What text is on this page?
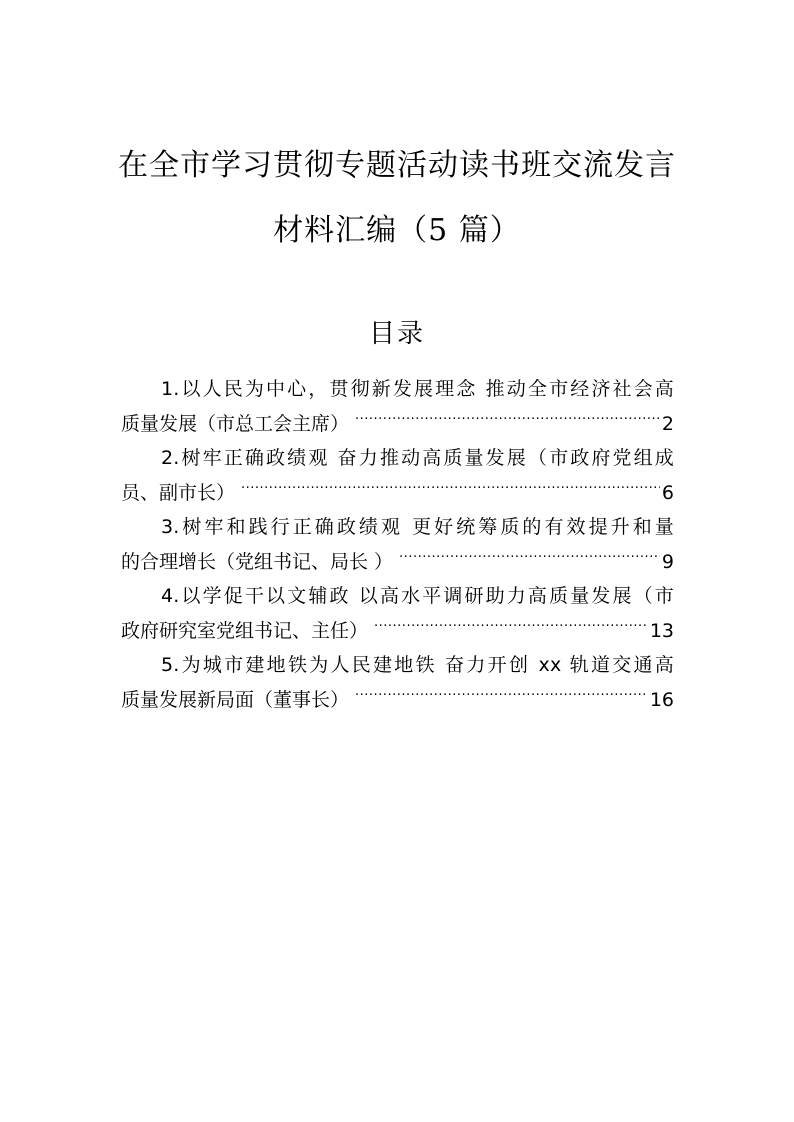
在全市学习贯彻专题活动读书班交流发言
材料汇编（5 篇）
目录
1.以人民为中心，贯彻新发展理念 推动全市经济社会高
质量发展（市总工会主席） .....	2
2.树牢正确政绩观 奋力推动高质量发展（市政府党组成
员、副市长） .....	6
3.树牢和践行正确政绩观 更好统筹质的有效提升和量
的合理增长（党组书记、局长 ） .....	9
4.以学促干以文辅政 以高水平调研助力高质量发展（市
政府研究室党组书记、主任） .....	13
5.为城市建地铁为人民建地铁 奋力开创 xx 轨道交通高
质量发展新局面（董事长） .....	16
